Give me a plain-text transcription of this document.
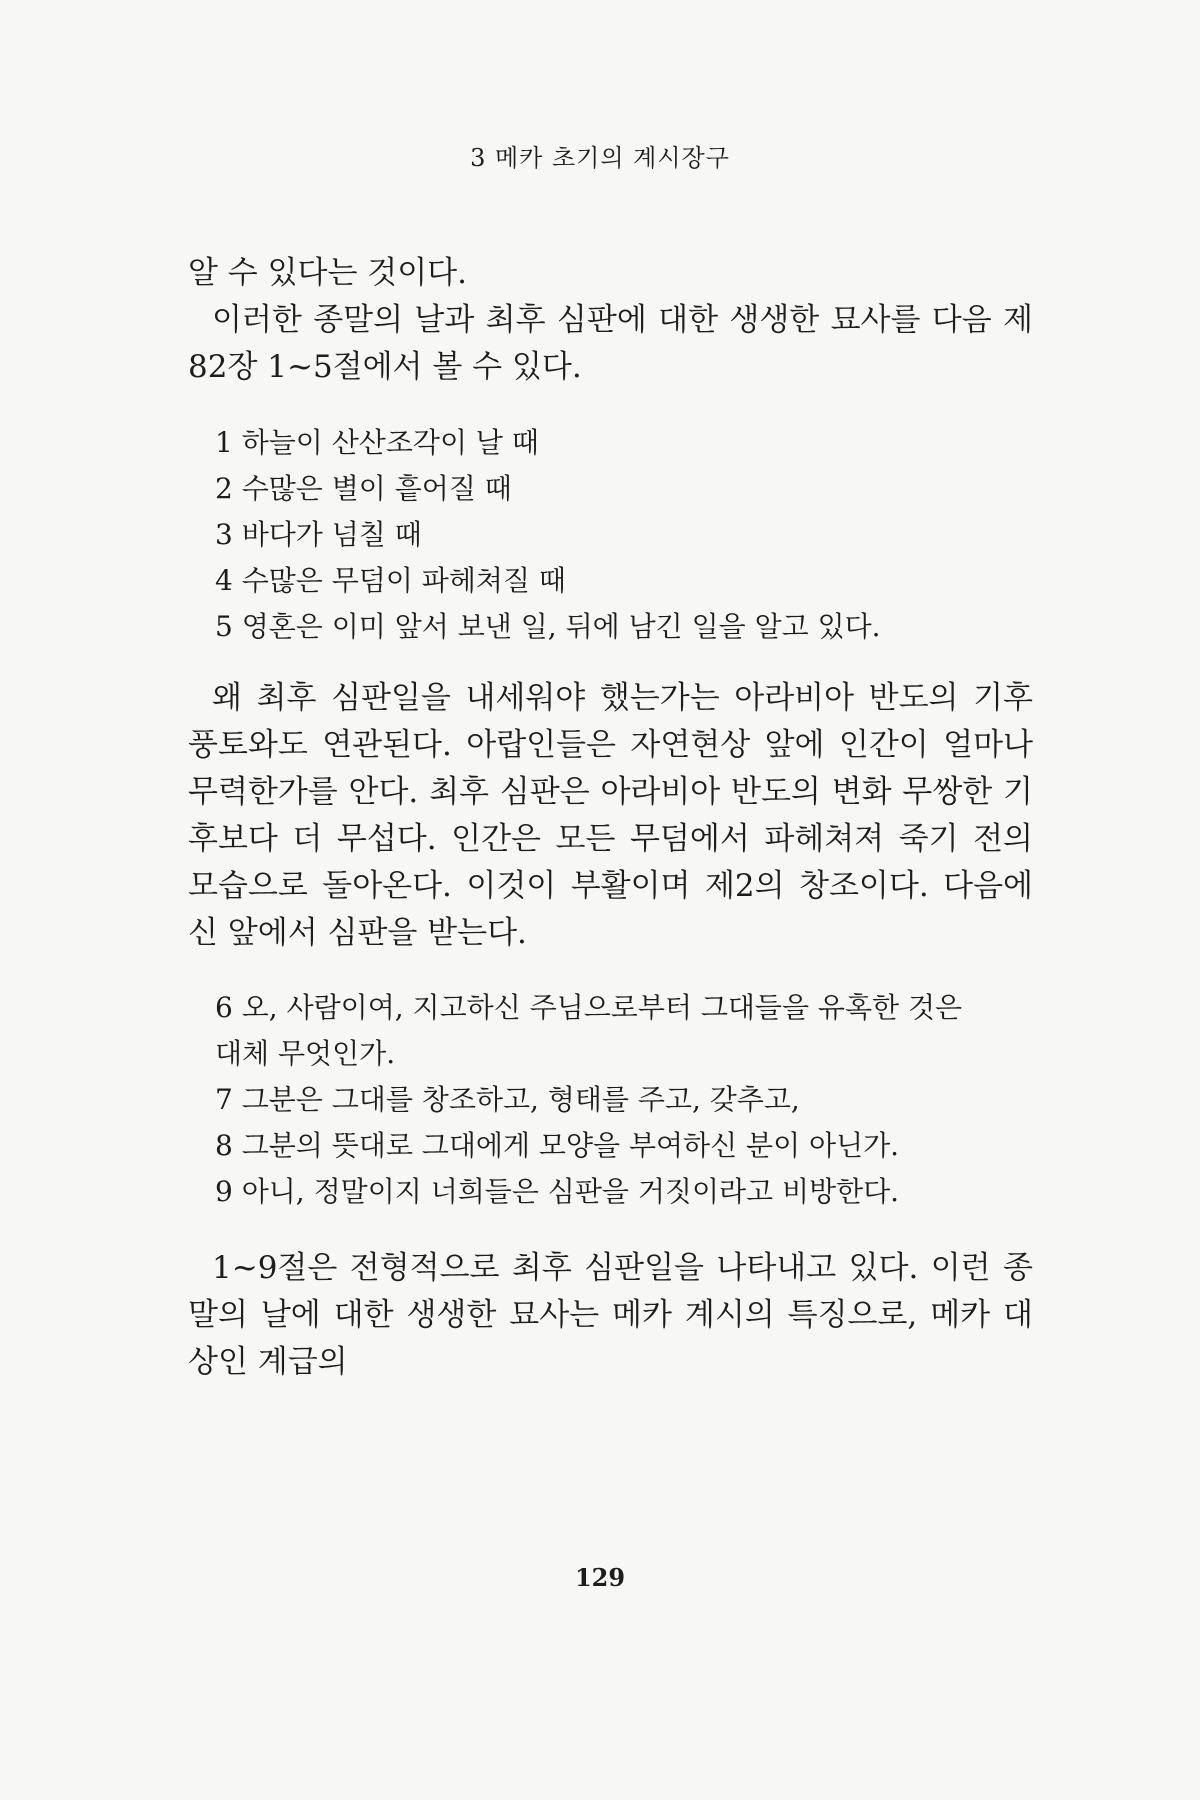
3 메카 초기의 계시장구

알 수 있다는 것이다.

이러한 종말의 날과 최후 심판에 대한 생생한 묘사를 다음 제82장 1~5절에서 볼 수 있다.

1 하늘이 산산조각이 날 때
2 수많은 별이 흩어질 때
3 바다가 넘칠 때
4 수많은 무덤이 파헤쳐질 때
5 영혼은 이미 앞서 보낸 일, 뒤에 남긴 일을 알고 있다.

왜 최후 심판일을 내세워야 했는가는 아라비아 반도의 기후 풍토와도 연관된다. 아랍인들은 자연현상 앞에 인간이 얼마나 무력한가를 안다. 최후 심판은 아라비아 반도의 변화 무쌍한 기후보다 더 무섭다. 인간은 모든 무덤에서 파헤쳐져 죽기 전의 모습으로 돌아온다. 이것이 부활이며 제2의 창조이다. 다음에 신 앞에서 심판을 받는다.

6 오, 사람이여, 지고하신 주님으로부터 그대들을 유혹한 것은 대체 무엇인가.
7 그분은 그대를 창조하고, 형태를 주고, 갖추고,
8 그분의 뜻대로 그대에게 모양을 부여하신 분이 아닌가.
9 아니, 정말이지 너희들은 심판을 거짓이라고 비방한다.

1~9절은 전형적으로 최후 심판일을 나타내고 있다. 이런 종말의 날에 대한 생생한 묘사는 메카 계시의 특징으로, 메카 대상인 계급의

129
